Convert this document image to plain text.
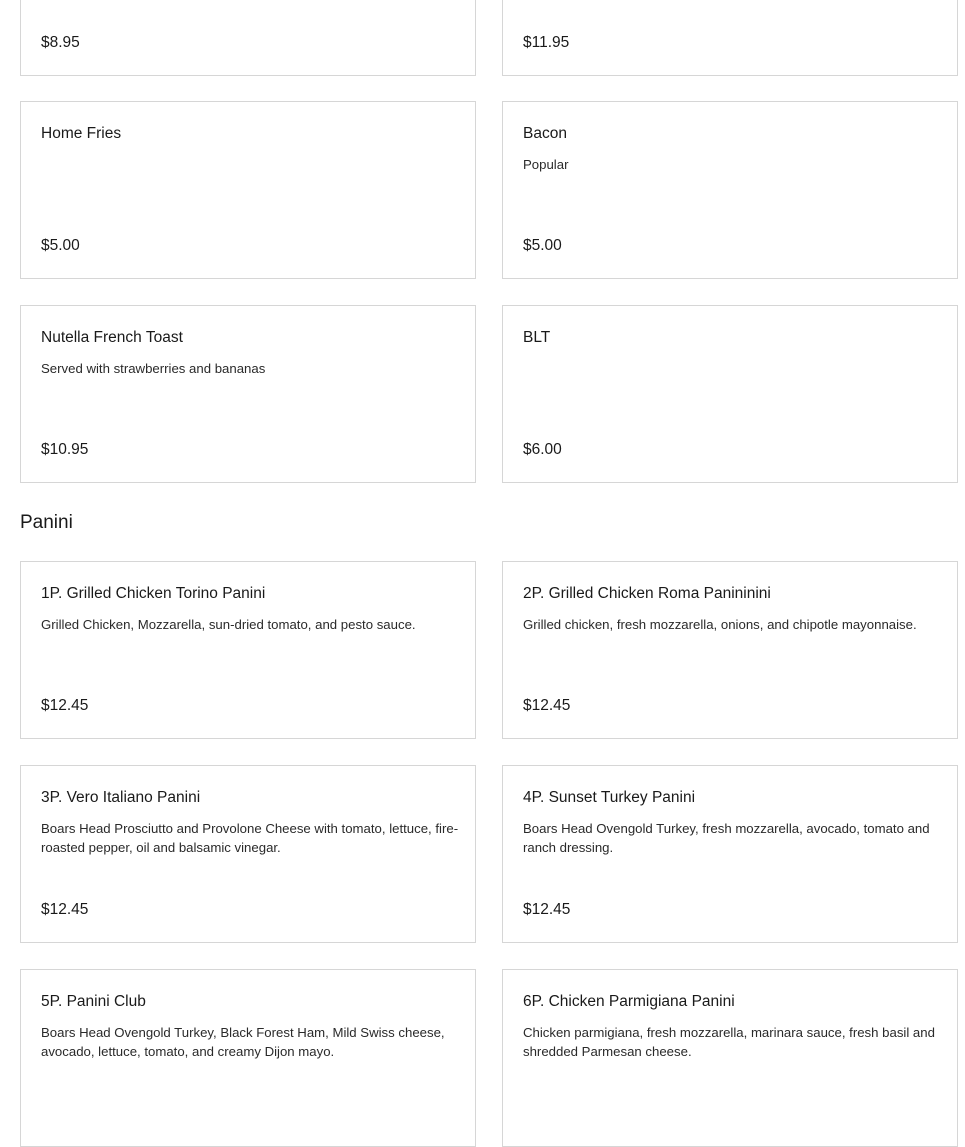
$8.95	$11.95
Home Fries
$5.00
Bacon
Popular
$5.00
Nutella French Toast
Served with strawberries and bananas
$10.95
BLT
$6.00
Panini
1P. Grilled Chicken Torino Panini
Grilled Chicken, Mozzarella, sun-dried tomato, and pesto sauce.
$12.45
2P. Grilled Chicken Roma Panininini
Grilled chicken, fresh mozzarella, onions, and chipotle mayonnaise.
$12.45
3P. Vero Italiano Panini
Boars Head Prosciutto and Provolone Cheese with tomato, lettuce, fire-roasted pepper, oil and balsamic vinegar.
$12.45
4P. Sunset Turkey Panini
Boars Head Ovengold Turkey, fresh mozzarella, avocado, tomato and ranch dressing.
$12.45
5P. Panini Club
Boars Head Ovengold Turkey, Black Forest Ham, Mild Swiss cheese, avocado, lettuce, tomato, and creamy Dijon mayo.
6P. Chicken Parmigiana Panini
Chicken parmigiana, fresh mozzarella, marinara sauce, fresh basil and shredded Parmesan cheese.
